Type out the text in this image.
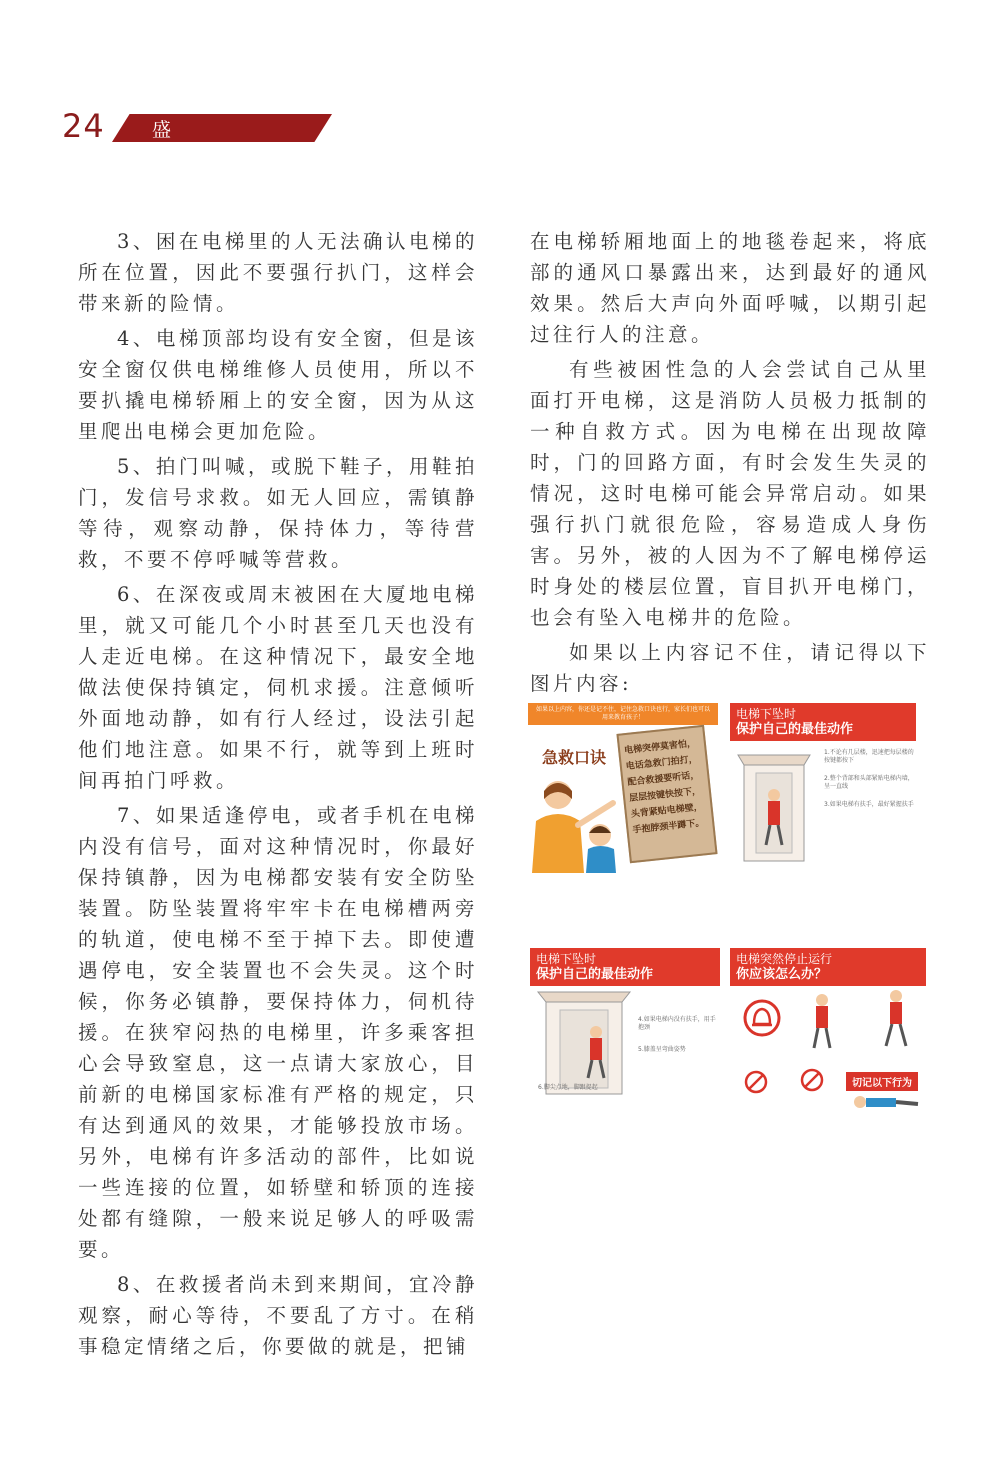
24 盛世物业

3、困在电梯里的人无法确认电梯的所在位置，因此不要强行扒门，这样会带来新的险情。

4、电梯顶部均设有安全窗，但是该安全窗仅供电梯维修人员使用，所以不要扒撬电梯轿厢上的安全窗，因为从这里爬出电梯会更加危险。

5、拍门叫喊，或脱下鞋子，用鞋拍门，发信号求救。如无人回应，需镇静等待，观察动静，保持体力，等待营救，不要不停呼喊等营救。

6、在深夜或周末被困在大厦地电梯里，就又可能几个小时甚至几天也没有人走近电梯。在这种情况下，最安全地做法使保持镇定，伺机求援。注意倾听外面地动静，如有行人经过，设法引起他们地注意。如果不行，就等到上班时间再拍门呼救。

7、如果适逢停电，或者手机在电梯内没有信号，面对这种情况时，你最好保持镇静，因为电梯都安装有安全防坠装置。防坠装置将牢牢卡在电梯槽两旁的轨道，使电梯不至于掉下去。即使遭遇停电，安全装置也不会失灵。这个时候，你务必镇静，要保持体力，伺机待援。在狭窄闷热的电梯里，许多乘客担心会导致窒息，这一点请大家放心，目前新的电梯国家标准有严格的规定，只有达到通风的效果，才能够投放市场。另外，电梯有许多活动的部件，比如说一些连接的位置，如轿壁和轿顶的连接处都有缝隙，一般来说足够人的呼吸需要。

8、在救援者尚未到来期间，宜冷静观察，耐心等待，不要乱了方寸。在稍事稳定情绪之后，你要做的就是，把铺

在电梯轿厢地面上的地毯卷起来，将底部的通风口暴露出来，达到最好的通风效果。然后大声向外面呼喊，以期引起过往行人的注意。

有些被困性急的人会尝试自己从里面打开电梯，这是消防人员极力抵制的一种自救方式。因为电梯在出现故障时，门的回路方面，有时会发生失灵的情况，这时电梯可能会异常启动。如果强行扒门就很危险，容易造成人身伤害。另外，被的人因为不了解电梯停运时身处的楼层位置，盲目扒开电梯门，也会有坠入电梯井的危险。

如果以上内容记不住，请记得以下图片内容:

如果以上内容，你还是记不住，记住急救口诀也行，家长们也可以用来教育孩子！
急救口诀
电梯突停莫害怕，
电话急救门拍打，
配合救援要听话，
层层按键快按下，
头背紧贴电梯壁，
手抱脖颈半蹲下。
电梯下坠时
保护自己的最佳动作
1.不论有几层楼，迅速把每层楼的按键都按下
2.整个背部和头部紧贴电梯内墙，呈一直线
3.如果电梯有扶手，最好紧握扶手
电梯下坠时
保护自己的最佳动作
4.如果电梯内没有扶手，用手抱颈
5.膝盖呈弯曲姿势
6.脚尖点地，脚跟提起
电梯突然停止运行
你应该怎么办？
切记以下行为
